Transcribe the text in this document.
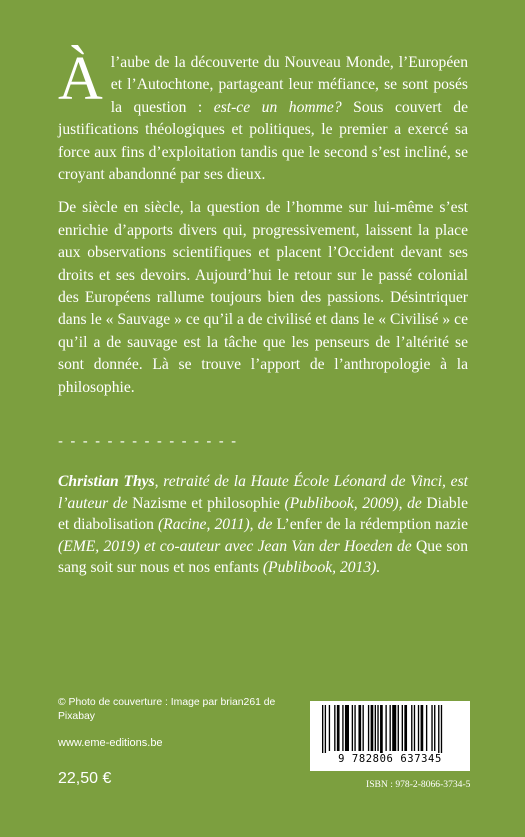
À l’aube de la découverte du Nouveau Monde, l’Européen et l’Autochtone, partageant leur méfiance, se sont posés la question : est-ce un homme? Sous couvert de justifications théologiques et politiques, le premier a exercé sa force aux fins d’exploitation tandis que le second s’est incliné, se croyant abandonné par ses dieux.

De siècle en siècle, la question de l’homme sur lui-même s’est enrichie d’apports divers qui, progressivement, laissent la place aux observations scientifiques et placent l’Occident devant ses droits et ses devoirs. Aujourd’hui le retour sur le passé colonial des Européens rallume toujours bien des passions. Désintriquer dans le « Sauvage » ce qu’il a de civilisé et dans le « Civilisé » ce qu’il a de sauvage est la tâche que les penseurs de l’altérité se sont donnée. Là se trouve l’apport de l’anthropologie à la philosophie.

- - - - - - - - - - - - - - -

Christian Thys, retraité de la Haute École Léonard de Vinci, est l’auteur de Nazisme et philosophie (Publibook, 2009), de Diable et diabolisation (Racine, 2011), de L’enfer de la rédemption nazie (EME, 2019) et co-auteur avec Jean Van der Hoeden de Que son sang soit sur nous et nos enfants (Publibook, 2013).

© Photo de couverture : Image par brian261 de Pixabay
www.eme-editions.be
22,50 €
9 782806 637345
ISBN : 978-2-8066-3734-5
